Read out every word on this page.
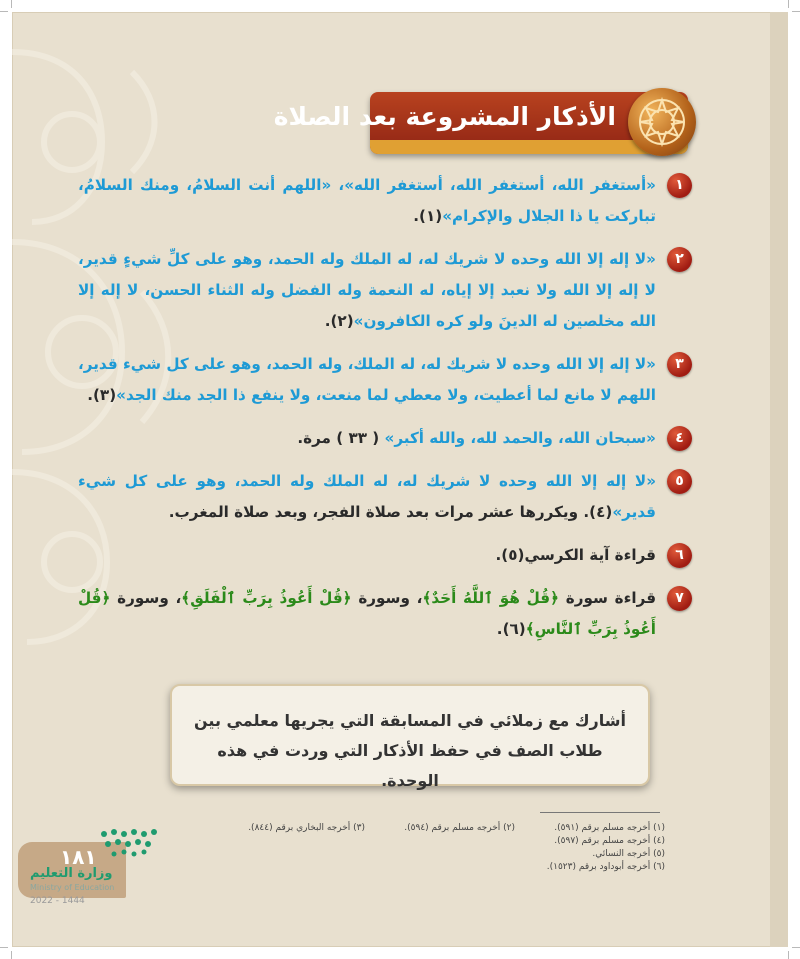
الأذكار المشروعة بعد الصلاة
١
«أستغفر الله، أستغفر الله، أستغفر الله»، «اللهم أنت السلامُ، ومنك السلامُ، تباركت يا ذا الجلال والإكرام»(١).
٢
«لا إله إلا الله وحده لا شريك له، له الملك وله الحمد، وهو على كلِّ شيءٍ قدير، لا إله إلا الله ولا نعبد إلا إياه، له النعمة وله الفضل وله الثناء الحسن، لا إله إلا الله مخلصين له الدينَ ولو كره الكافرون»(٢).
٣
«لا إله إلا الله وحده لا شريك له، له الملك، وله الحمد، وهو على كل شيء قدير، اللهم لا مانع لما أعطيت، ولا معطي لما منعت، ولا ينفع ذا الجد منك الجد»(٣).
٤
«سبحان الله، والحمد لله، والله أكبر» ( ٣٣ ) مرة.
٥
«لا إله إلا الله وحده لا شريك له، له الملك وله الحمد، وهو على كل شيء قدير»(٤). ويكررها عشر مرات بعد صلاة الفجر، وبعد صلاة المغرب.
٦
قراءة آية الكرسي(٥).
٧
قراءة سورة ﴿قُلْ هُوَ ٱللَّهُ أَحَدٌ﴾، وسورة ﴿قُلْ أَعُوذُ بِرَبِّ ٱلْفَلَقِ﴾، وسورة ﴿قُلْ أَعُوذُ بِرَبِّ ٱلنَّاسِ﴾(٦).
أشارك مع زملائي في المسابقة التي يجريها معلمي بين طلاب الصف في حفظ الأذكار التي وردت في هذه الوحدة.
(١) أخرجه مسلم برقم (٥٩١).
(٢) أخرجه مسلم برقم (٥٩٤).
(٣) أخرجه البخاري برقم (٨٤٤).
(٤) أخرجه مسلم برقم (٥٩٧).
(٥) أخرجه النسائي.
(٦) أخرجه أبوداود برقم (١٥٢٣).
١٨١
وزارة التعليم
Ministry of Education
2022 - 1444
